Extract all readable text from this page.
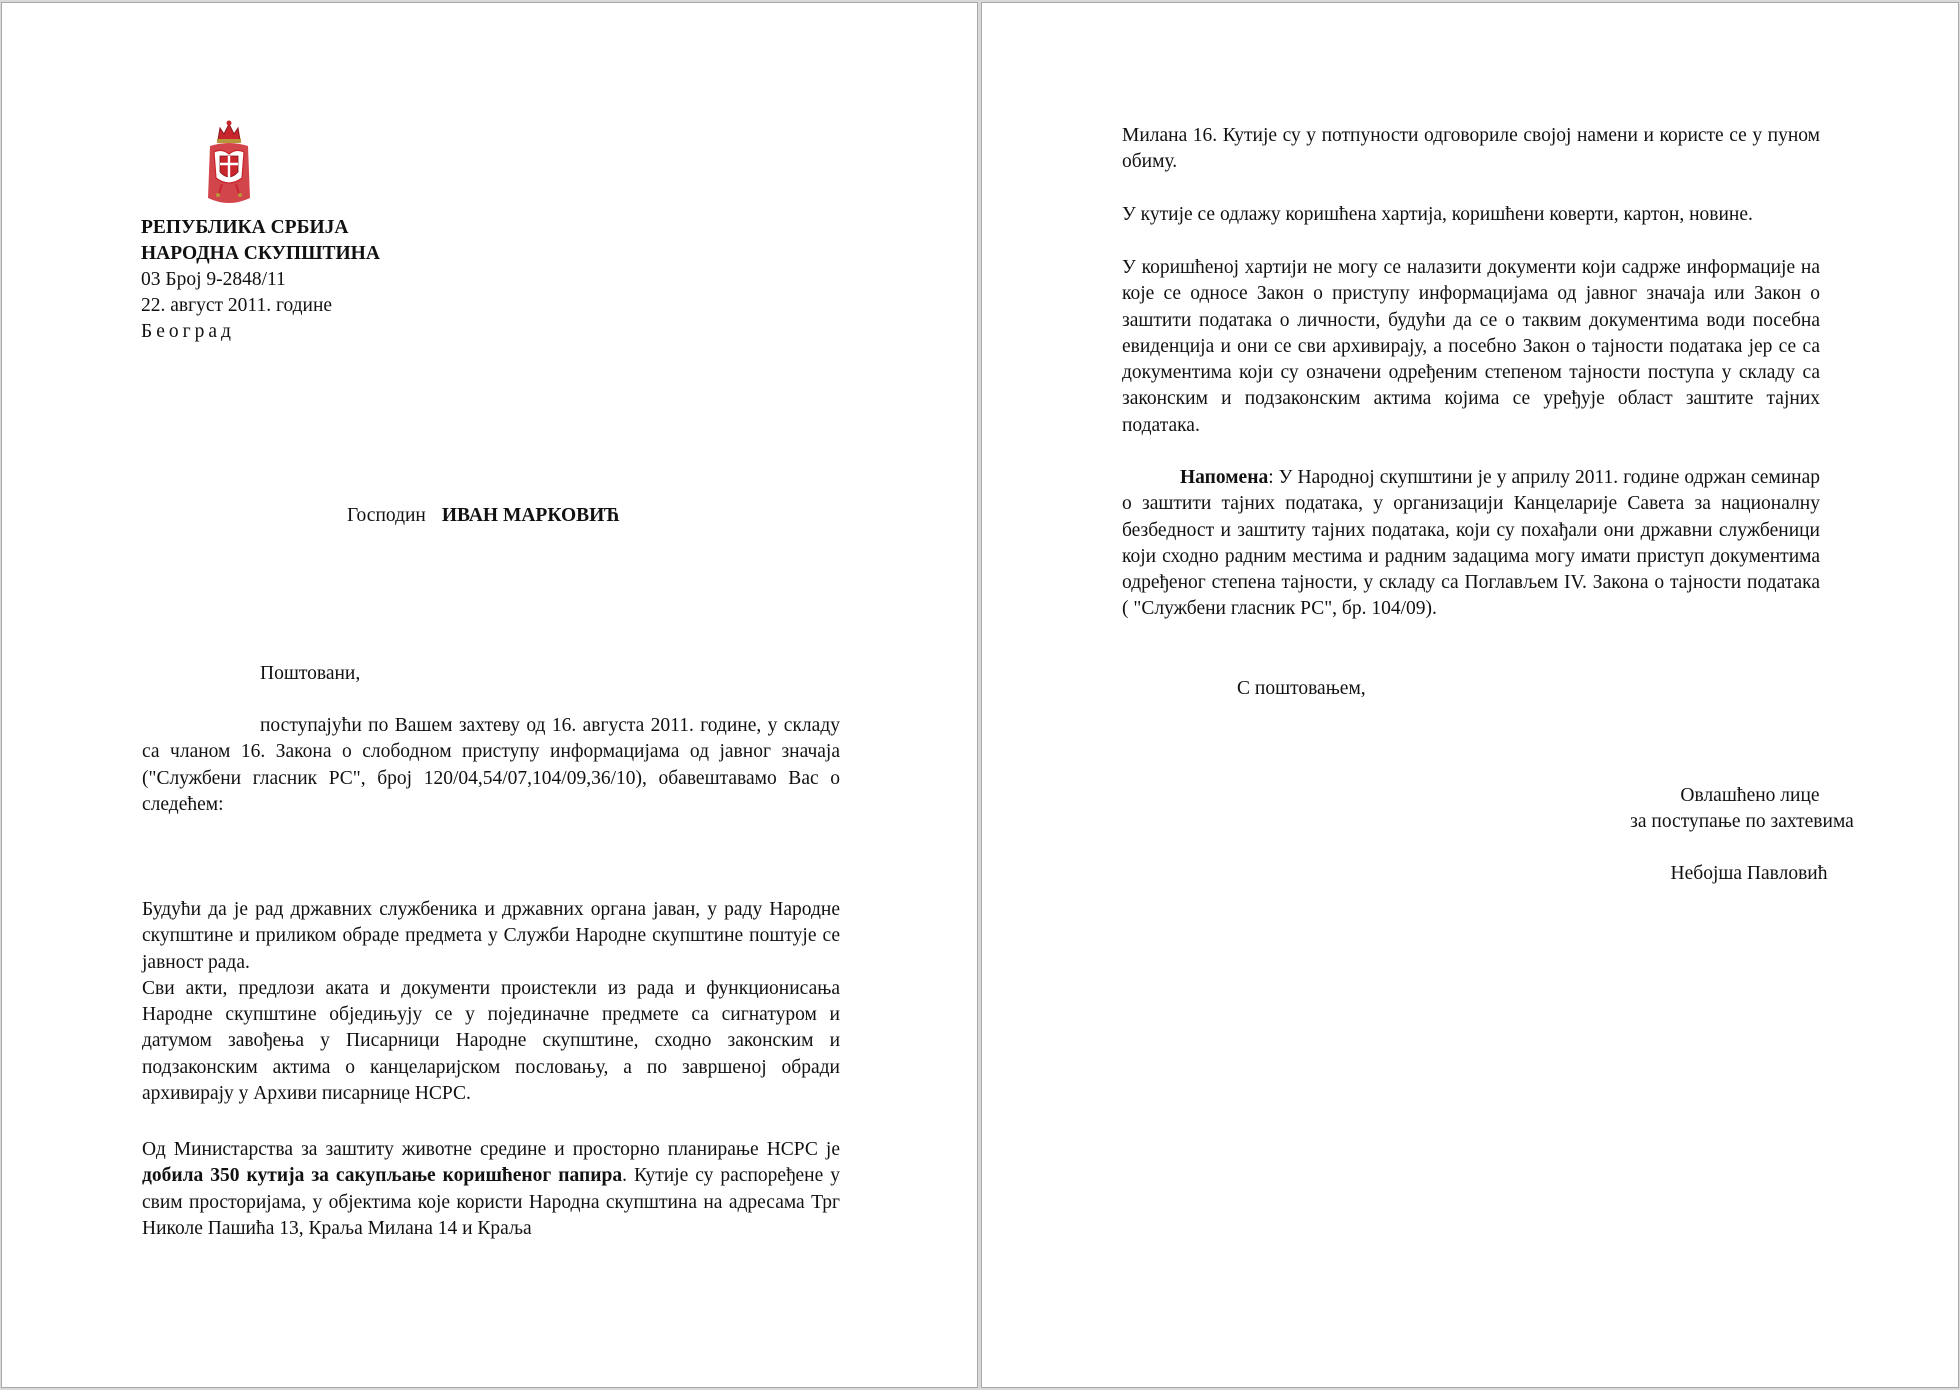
РЕПУБЛИКА СРБИЈА

НАРОДНА СКУПШТИНА

03 Број 9-2848/11

22. август 2011. године

Београд

Господин ИВАН МАРКОВИЋ

Поштовани,

поступајући по Вашем захтеву од 16. августа 2011. године, у складу са чланом 16. Закона о слободном приступу информацијама од јавног значаја ("Службени гласник РС", број 120/04,54/07,104/09,36/10), обавештавамо Вас о следећем:

Будући да је рад државних службеника и државних органа јаван, у раду Народне скупштине и приликом обраде предмета у Служби Народне скупштине поштује се јавност рада.
Сви акти, предлози аката и документи проистекли из рада и функционисања Народне скупштине обједињују се у појединачне предмете са сигнатуром и датумом завођења у Писарници Народне скупштине, сходно законским и подзаконским актима о канцеларијском пословању, а по завршеној обради архивирају у Архиви писарнице НСРС.

Од Министарства за заштиту животне средине и просторно планирање НСРС је добила 350 кутија за сакупљање коришћеног папира. Кутије су распоређене у свим просторијама, у објектима које користи Народна скупштина на адресама Трг Николе Пашића 13, Краља Милана 14 и Краља

Милана 16. Кутије су у потпуности одговориле својој намени и користе се у пуном обиму.

У кутије се одлажу коришћена хартија, коришћени коверти, картон, новине.

У коришћеној хартији не могу се налазити документи који садрже информације на које се односе Закон о приступу информацијама од јавног значаја или Закон о заштити података о личности, будући да се о таквим документима води посебна евиденција и они се сви архивирају, а посебно Закон о тајности података јер се са документима који су означени одређеним степеном тајности поступа у складу са законским и подзаконским актима којима се уређује област заштите тајних података.

Напомена: У Народној скупштини је у априлу 2011. године одржан семинар о заштити тајних података, у организацији Канцеларије Савета за националну безбедност и заштиту тајних података, који су похађали они државни службеници који сходно радним местима и радним задацима могу имати приступ документима одређеног степена тајности, у складу са Поглављем IV. Закона о тајности података ( "Службени гласник РС", бр. 104/09).

С поштовањем,

Овлашћено лице

за поступање по захтевима

Небојша Павловић
